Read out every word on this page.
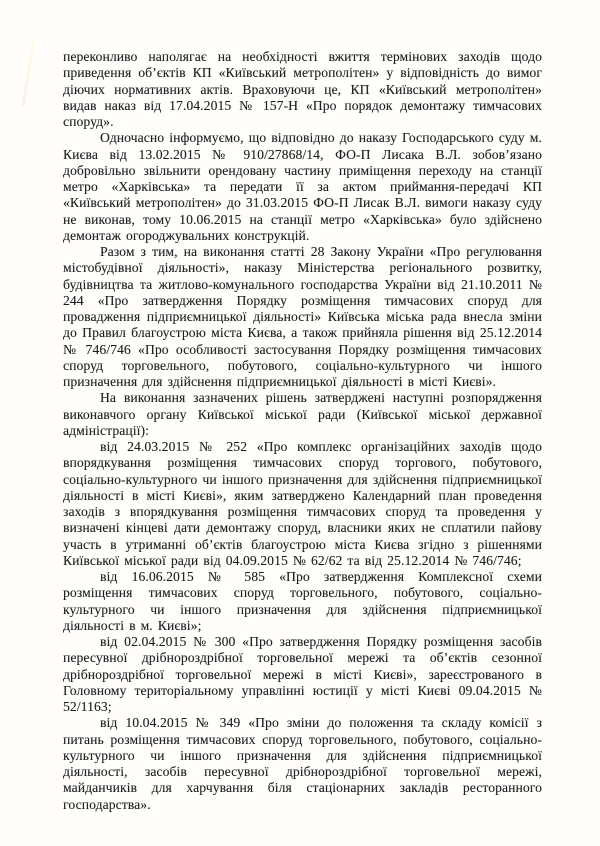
переконливо наполягає на необхідності вжиття термінових заходів щодо приведення об’єктів КП «Київський метрополітен» у відповідність до вимог діючих нормативних актів. Враховуючи це, КП «Київський метрополітен» видав наказ від 17.04.2015 № 157-Н «Про порядок демонтажу тимчасових споруд».

Одночасно інформуємо, що відповідно до наказу Господарського суду м. Києва від 13.02.2015 № 910/27868/14, ФО-П Лисака В.Л. зобов’язано добровільно звільнити орендовану частину приміщення переходу на станції метро «Харківська» та передати її за актом приймання-передачі КП «Київський метрополітен» до 31.03.2015 ФО-П Лисак В.Л. вимоги наказу суду не виконав, тому 10.06.2015 на станції метро «Харківська» було здійснено демонтаж огороджувальних конструкцій.

Разом з тим, на виконання статті 28 Закону України «Про регулювання містобудівної діяльності», наказу Міністерства регіонального розвитку, будівництва та житлово-комунального господарства України від 21.10.2011 № 244 «Про затвердження Порядку розміщення тимчасових споруд для провадження підприємницької діяльності» Київська міська рада внесла зміни до Правил благоустрою міста Києва, а також прийняла рішення від 25.12.2014 № 746/746 «Про особливості застосування Порядку розміщення тимчасових споруд торговельного, побутового, соціально-культурного чи іншого призначення для здійснення підприємницької діяльності в місті Києві».

На виконання зазначених рішень затверджені наступні розпорядження виконавчого органу Київської міської ради (Київської міської державної адміністрації):

від 24.03.2015 № 252 «Про комплекс організаційних заходів щодо впорядкування розміщення тимчасових споруд торгового, побутового, соціально-культурного чи іншого призначення для здійснення підприємницької діяльності в місті Києві», яким затверджено Календарний план проведення заходів з впорядкування розміщення тимчасових споруд та проведення у визначені кінцеві дати демонтажу споруд, власники яких не сплатили пайову участь в утриманні об’єктів благоустрою міста Києва згідно з рішеннями Київської міської ради від 04.09.2015 № 62/62 та від 25.12.2014 № 746/746;

від 16.06.2015 № 585 «Про затвердження Комплексної схеми розміщення тимчасових споруд торговельного, побутового, соціально-культурного чи іншого призначення для здійснення підприємницької діяльності в м. Києві»;

від 02.04.2015 № 300 «Про затвердження Порядку розміщення засобів пересувної дрібнороздрібної торговельної мережі та об’єктів сезонної дрібнороздрібної торговельної мережі в місті Києві», зареєстрованого в Головному територіальному управлінні юстиції у місті Києві 09.04.2015 № 52/1163;

від 10.04.2015 № 349 «Про зміни до положення та складу комісії з питань розміщення тимчасових споруд торговельного, побутового, соціально-культурного чи іншого призначення для здійснення підприємницької діяльності, засобів пересувної дрібнороздрібної торговельної мережі, майданчиків для харчування біля стаціонарних закладів ресторанного господарства».
